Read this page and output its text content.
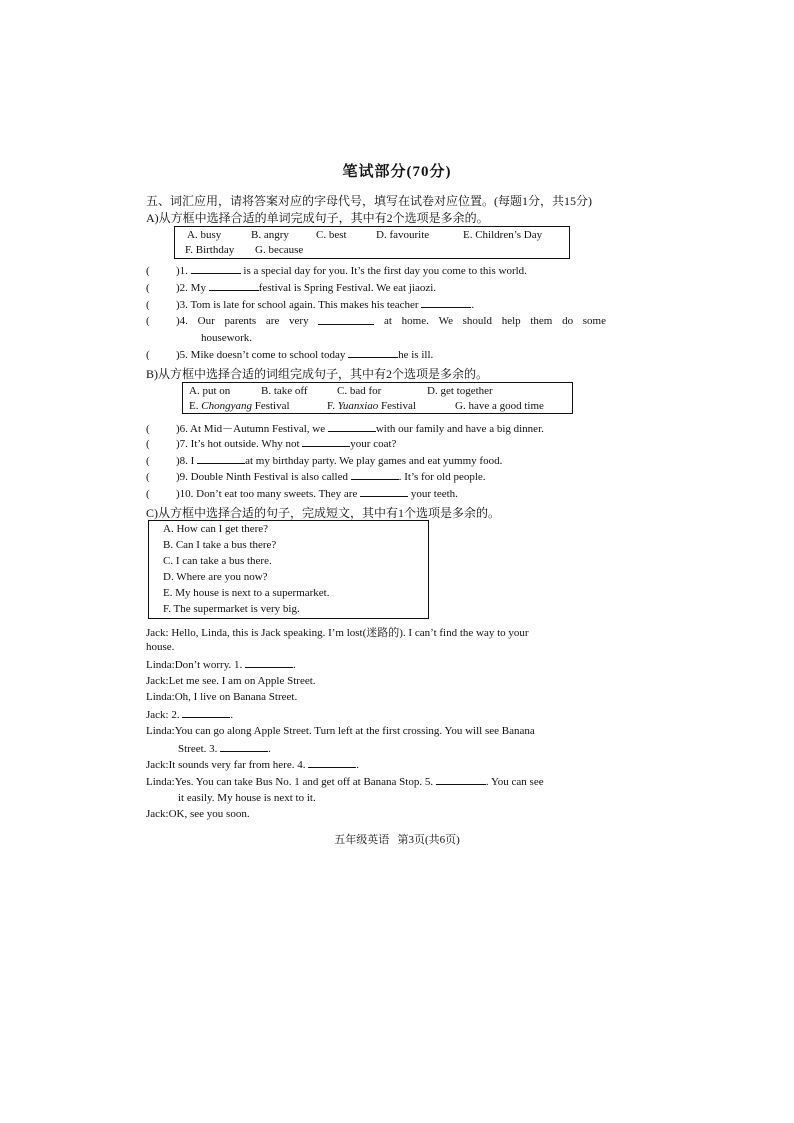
笔试部分(70分)
五、词汇应用，请将答案对应的字母代号，填写在试卷对应位置。(每题1分，共15分)
A)从方框中选择合适的单词完成句子，其中有2个选项是多余的。
A. busy	B. angry C. best	D. favourite	E. Children’s Day
F. Birthday G. because
( )1.	is a special day for you. It’s the first day you come to this world.
( )2. My	festival is Spring Festival. We eat jiaozi.
( )3. Tom is late for school again. This makes his teacher	.
( )4. Our parents are very	at home. We should help them do some
housework.
( )5. Mike doesn’t come to school today	he is ill.
B)从方框中选择合适的词组完成句子，其中有2个选项是多余的。
A. put on	B. take off	C. bad for	D. get together
E. Chongyang Festival	F. Yuanxiao Festival	G. have a good time
( )6. At Mid－Autumn Festival, we	with our family and have a big dinner.
( )7. It’s hot outside. Why not	your coat?
( )8. I	at my birthday party. We play games and eat yummy food.
( )9. Double Ninth Festival is also called	. It’s for old people.
( )10. Don’t eat too many sweets. They are	your teeth.
C)从方框中选择合适的句子，完成短文，其中有1个选项是多余的。
A. How can I get there?
B. Can I take a bus there?
C. I can take a bus there.
D. Where are you now?
E. My house is next to a supermarket.
F. The supermarket is very big.
Jack: Hello, Linda, this is Jack speaking. I’m lost(迷路的). I can’t find the way to your
house.
Linda:Don’t worry. 1.	.
Jack:Let me see. I am on Apple Street.
Linda:Oh, I live on Banana Street.
Jack: 2.	.
Linda:You can go along Apple Street. Turn left at the first crossing. You will see Banana
Street. 3.	.
Jack:It sounds very far from here. 4.	.
Linda:Yes. You can take Bus No. 1 and get off at Banana Stop. 5.	. You can see
it easily. My house is next to it.
Jack:OK, see you soon.
五年级英语   第3页(共6页)
